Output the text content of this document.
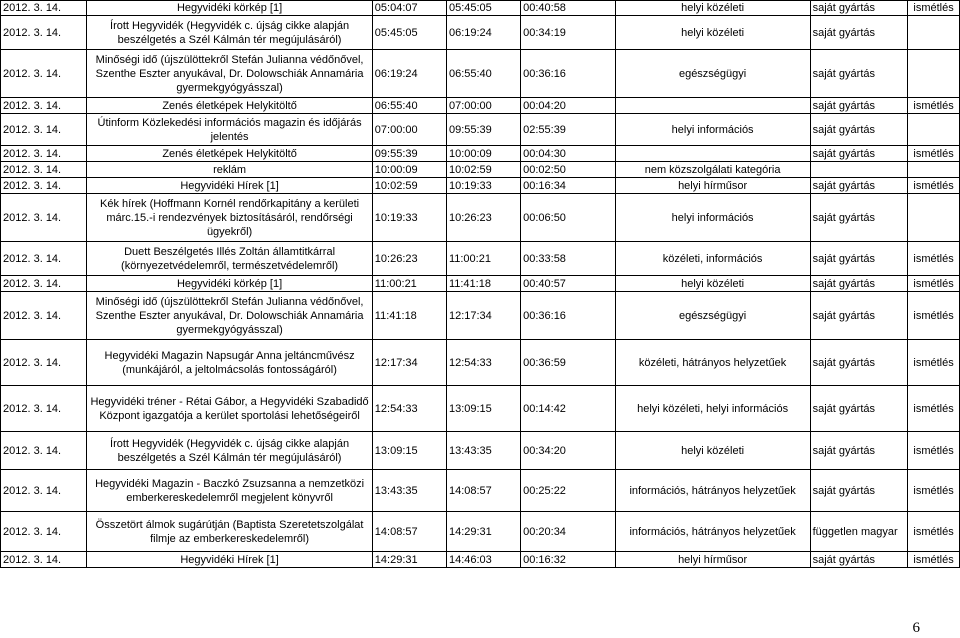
2012. 3. 14.	Hegyvidéki körkép [1]	05:04:07	05:45:05	00:40:58	helyi közéleti	saját gyártás	ismétlés
2012. 3. 14.	Írott Hegyvidék (Hegyvidék c. újság cikke alapján beszélgetés a Szél Kálmán tér megújulásáról)	05:45:05	06:19:24	00:34:19	helyi közéleti	saját gyártás	
2012. 3. 14.	Minőségi idő (újszülöttekről Stefán Julianna védőnővel, Szenthe Eszter anyukával, Dr. Dolowschiák Annamária gyermekgyógyásszal)	06:19:24	06:55:40	00:36:16	egészségügyi	saját gyártás	
2012. 3. 14.	Zenés életképek Helykitöltő	06:55:40	07:00:00	00:04:20		saját gyártás	ismétlés
2012. 3. 14.	Útinform Közlekedési információs magazin és időjárás jelentés	07:00:00	09:55:39	02:55:39	helyi információs	saját gyártás	
2012. 3. 14.	Zenés életképek Helykitöltő	09:55:39	10:00:09	00:04:30		saját gyártás	ismétlés
2012. 3. 14.	reklám	10:00:09	10:02:59	00:02:50	nem közszolgálati kategória		
2012. 3. 14.	Hegyvidéki Hírek [1]	10:02:59	10:19:33	00:16:34	helyi hírműsor	saját gyártás	ismétlés
2012. 3. 14.	Kék hírek (Hoffmann Kornél rendőrkapitány a kerületi márc.15.-i rendezvények biztosításáról, rendőrségi ügyekről)	10:19:33	10:26:23	00:06:50	helyi információs	saját gyártás	
2012. 3. 14.	Duett Beszélgetés Illés Zoltán államtitkárral (környezetvédelemről, természetvédelemről)	10:26:23	11:00:21	00:33:58	közéleti, információs	saját gyártás	ismétlés
2012. 3. 14.	Hegyvidéki körkép [1]	11:00:21	11:41:18	00:40:57	helyi közéleti	saját gyártás	ismétlés
2012. 3. 14.	Minőségi idő (újszülöttekről Stefán Julianna védőnővel, Szenthe Eszter anyukával, Dr. Dolowschiák Annamária gyermekgyógyásszal)	11:41:18	12:17:34	00:36:16	egészségügyi	saját gyártás	ismétlés
2012. 3. 14.	Hegyvidéki Magazin Napsugár Anna jeltáncművész (munkájáról, a jeltolmácsolás fontosságáról)	12:17:34	12:54:33	00:36:59	közéleti, hátrányos helyzetűek	saját gyártás	ismétlés
2012. 3. 14.	Hegyvidéki tréner - Rétai Gábor, a Hegyvidéki Szabadidő Központ igazgatója a kerület sportolási lehetőségeiről	12:54:33	13:09:15	00:14:42	helyi közéleti, helyi információs	saját gyártás	ismétlés
2012. 3. 14.	Írott Hegyvidék (Hegyvidék c. újság cikke alapján beszélgetés a Szél Kálmán tér megújulásáról)	13:09:15	13:43:35	00:34:20	helyi közéleti	saját gyártás	ismétlés
2012. 3. 14.	Hegyvidéki Magazin - Baczkó Zsuzsanna a nemzetközi emberkereskedelemről megjelent könyvről	13:43:35	14:08:57	00:25:22	információs, hátrányos helyzetűek	saját gyártás	ismétlés
2012. 3. 14.	Összetört álmok sugárútján (Baptista Szeretetszolgálat filmje az emberkereskedelemről)	14:08:57	14:29:31	00:20:34	információs, hátrányos helyzetűek	független magyar	ismétlés
2012. 3. 14.	Hegyvidéki Hírek [1]	14:29:31	14:46:03	00:16:32	helyi hírműsor	saját gyártás	ismétlés
6
